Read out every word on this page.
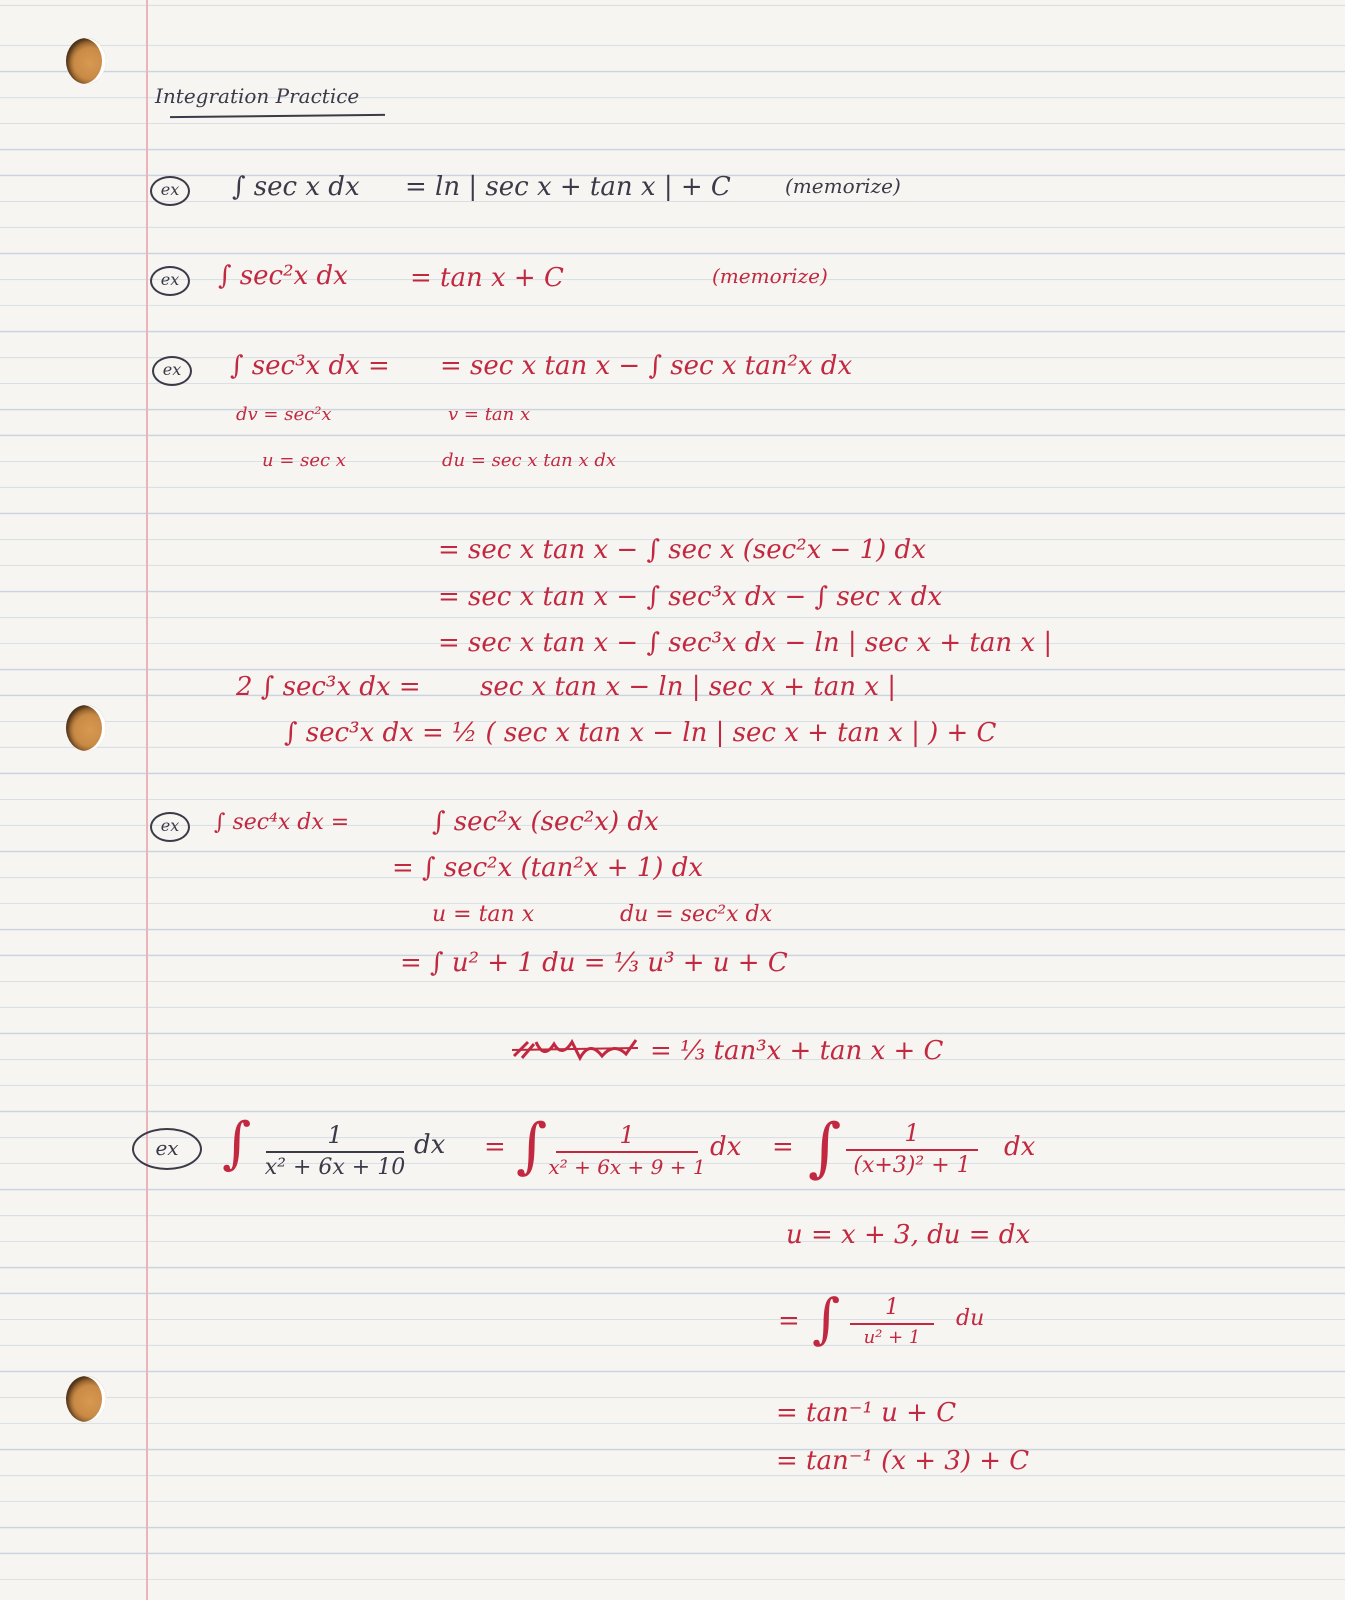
Integration Practice
ex	∫ sec x dx = ln | sec x + tan x | + C	(memorize)
ex	∫ sec²x dx = tan x + C	(memorize)
ex	∫ sec³x dx = = sec x tan x − ∫ sec x tan²x dx
dv = sec²x
u = sec x
v = tan x
du = sec x tan x dx
= sec x tan x − ∫ sec x (sec²x − 1) dx
= sec x tan x − ∫ sec³x dx − ∫ sec x dx
= sec x tan x − ∫ sec³x dx − ln | sec x + tan x |
2 ∫ sec³x dx = sec x tan x − ln | sec x + tan x |
∫ sec³x dx = ½ ( sec x tan x − ln | sec x + tan x | ) + C
ex	∫ sec⁴x dx =	∫ sec²x (sec²x) dx
= ∫ sec²x (tan²x + 1) dx
u = tan x	du = sec²x dx
= ∫ u² + 1 du = ⅓ u³ + u + C
= ⅓ tan³x + tan x + C
ex ∫	1
x² + 6x + 10
dx = ∫	1
x² + 6x + 9 + 1
dx = ∫	1
(x+3)² + 1
dx
u = x + 3, du = dx
= ∫ 1
u² + 1
du
= tan⁻¹ u + C
= tan⁻¹ (x + 3) + C
